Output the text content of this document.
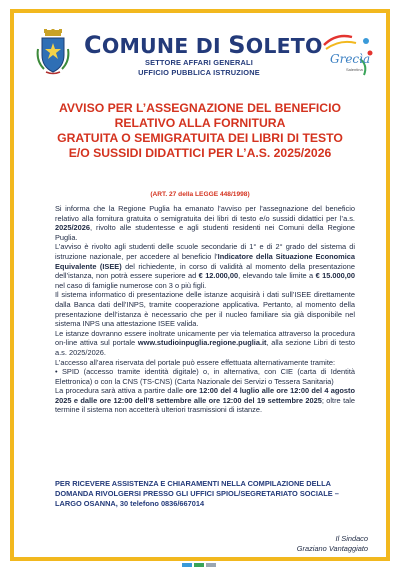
COMUNE DI SOLETO
SETTORE AFFARI GENERALI
UFFICIO PUBBLICA ISTRUZIONE
Grecìa
Salentina
AVVISO PER L’ASSEGNAZIONE DEL BENEFICIO
RELATIVO ALLA FORNITURA
GRATUITA O SEMIGRATUITA DEI LIBRI DI TESTO
E/O SUSSIDI DIDATTICI PER L’A.S. 2025/2026
(ART. 27 della LEGGE 448/1998)

Si informa che la Regione Puglia ha emanato l’avviso per l’assegnazione del beneficio relativo alla fornitura gratuita o semigratuita dei libri di testo e/o sussidi didattici per l’a.s. 2025/2026, rivolto alle studentesse e agli studenti residenti nei Comuni della Regione Puglia.

L’avviso è rivolto agli studenti delle scuole secondarie di 1° e di 2° grado del sistema di istruzione nazionale, per accedere al beneficio l’Indicatore della Situazione Economica Equivalente (ISEE) del richiedente, in corso di validità al momento della presentazione dell’istanza, non potrà essere superiore ad € 12.000,00, elevando tale limite a € 15.000,00 nel caso di famiglie numerose con 3 o più figli.

Il sistema informatico di presentazione delle istanze acquisirà i dati sull’ISEE direttamente dalla Banca dati dell’INPS, tramite cooperazione applicativa. Pertanto, al momento della presentazione dell’istanza è necessario che per il nucleo familiare sia già disponibile nel sistema INPS una attestazione ISEE valida.

Le istanze dovranno essere inoltrate unicamente per via telematica attraverso la procedura on-line attiva sul portale www.studioinpuglia.regione.puglia.it, alla sezione Libri di testo a.s. 2025/2026.

L’accesso all’area riservata del portale può essere effettuata alternativamente tramite:

• SPID (accesso tramite identità digitale) o, in alternativa, con CIE (carta di Identità Elettronica) o con la CNS (TS-CNS) (Carta Nazionale dei Servizi o Tessera Sanitaria)

La procedura sarà attiva a partire dalle ore 12:00 del 4 luglio alle ore 12:00 del 4 agosto 2025 e dalle ore 12:00 dell’8 settembre alle ore 12:00 del 19 settembre 2025; oltre tale termine il sistema non accetterà ulteriori trasmissioni di istanze.

PER RICEVERE ASSISTENZA E CHIARAMENTI NELLA COMPILAZIONE DELLA DOMANDA RIVOLGERSI PRESSO GLI UFFICI SPIOL/SEGRETARIATO SOCIALE – LARGO OSANNA, 30 telefono 0836/667014
Il Sindaco
Graziano Vantaggiato
